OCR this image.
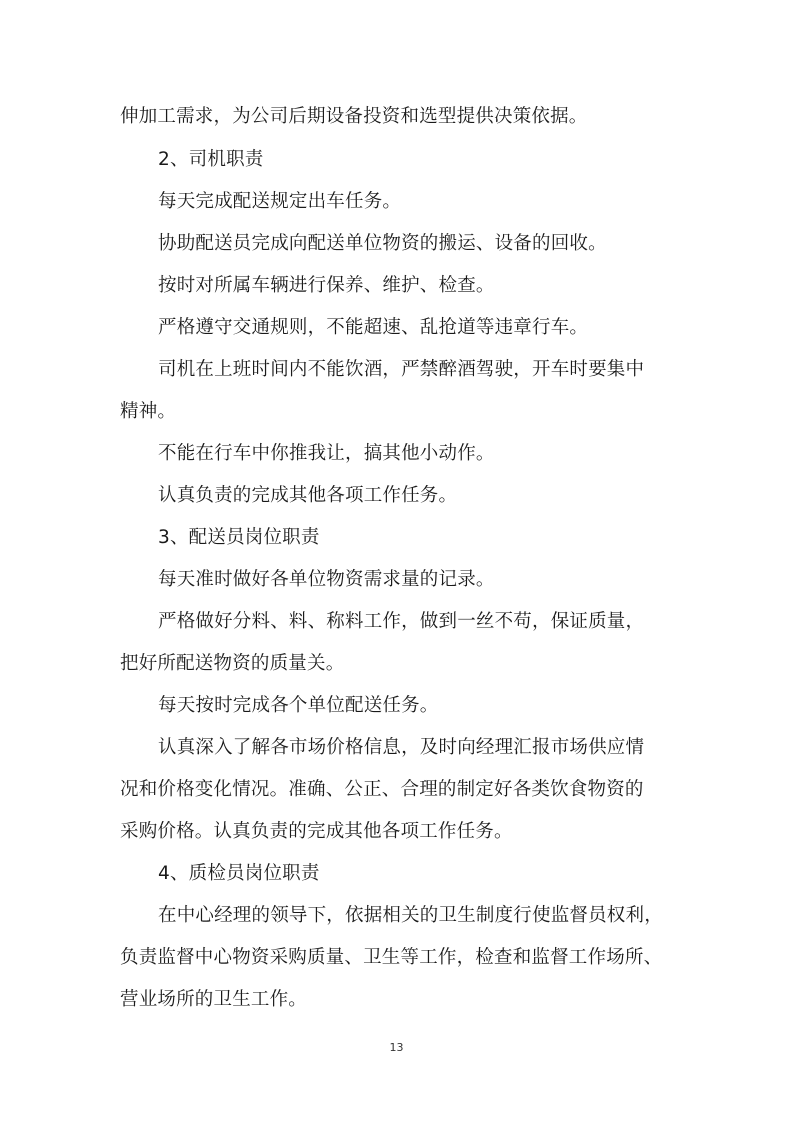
伸加工需求，为公司后期设备投资和选型提供决策依据。
2、司机职责
每天完成配送规定出车任务。
协助配送员完成向配送单位物资的搬运、设备的回收。
按时对所属车辆进行保养、维护、检查。
严格遵守交通规则，不能超速、乱抢道等违章行车。
司机在上班时间内不能饮酒，严禁醉酒驾驶，开车时要集中
精神。
不能在行车中你推我让，搞其他小动作。
认真负责的完成其他各项工作任务。
3、配送员岗位职责
每天准时做好各单位物资需求量的记录。
严格做好分料、料、称料工作，做到一丝不苟，保证质量，
把好所配送物资的质量关。
每天按时完成各个单位配送任务。
认真深入了解各市场价格信息，及时向经理汇报市场供应情
况和价格变化情况。准确、公正、合理的制定好各类饮食物资的
采购价格。认真负责的完成其他各项工作任务。
4、质检员岗位职责
在中心经理的领导下，依据相关的卫生制度行使监督员权利，
负责监督中心物资采购质量、卫生等工作，检查和监督工作场所、
营业场所的卫生工作。
13
